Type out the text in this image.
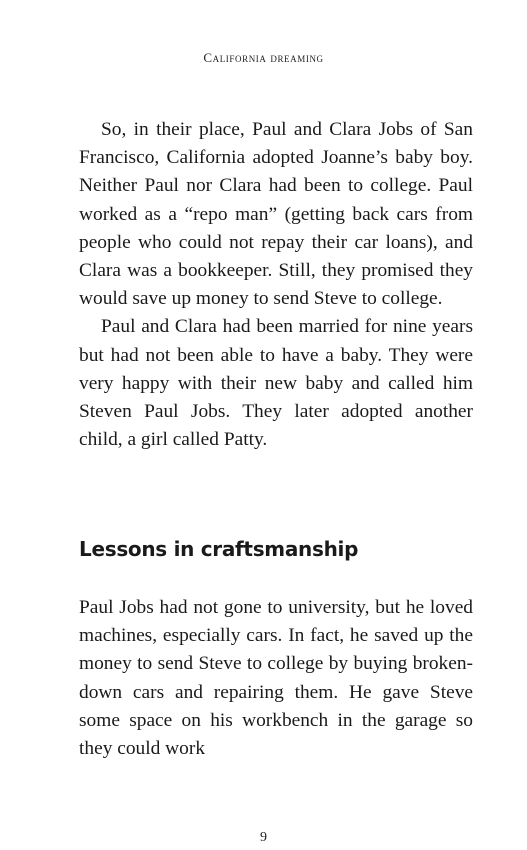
California dreaming

So, in their place, Paul and Clara Jobs of San Francisco, California adopted Joanne’s baby boy. Neither Paul nor Clara had been to college. Paul worked as a “repo man” (getting back cars from people who could not repay their car loans), and Clara was a bookkeeper. Still, they promised they would save up money to send Steve to college.

Paul and Clara had been married for nine years but had not been able to have a baby. They were very happy with their new baby and called him Steven Paul Jobs. They later adopted another child, a girl called Patty.

Lessons in craftsmanship

Paul Jobs had not gone to university, but he loved machines, especially cars. In fact, he saved up the money to send Steve to college by buying broken-down cars and repairing them. He gave Steve some space on his workbench in the garage so they could work

9
